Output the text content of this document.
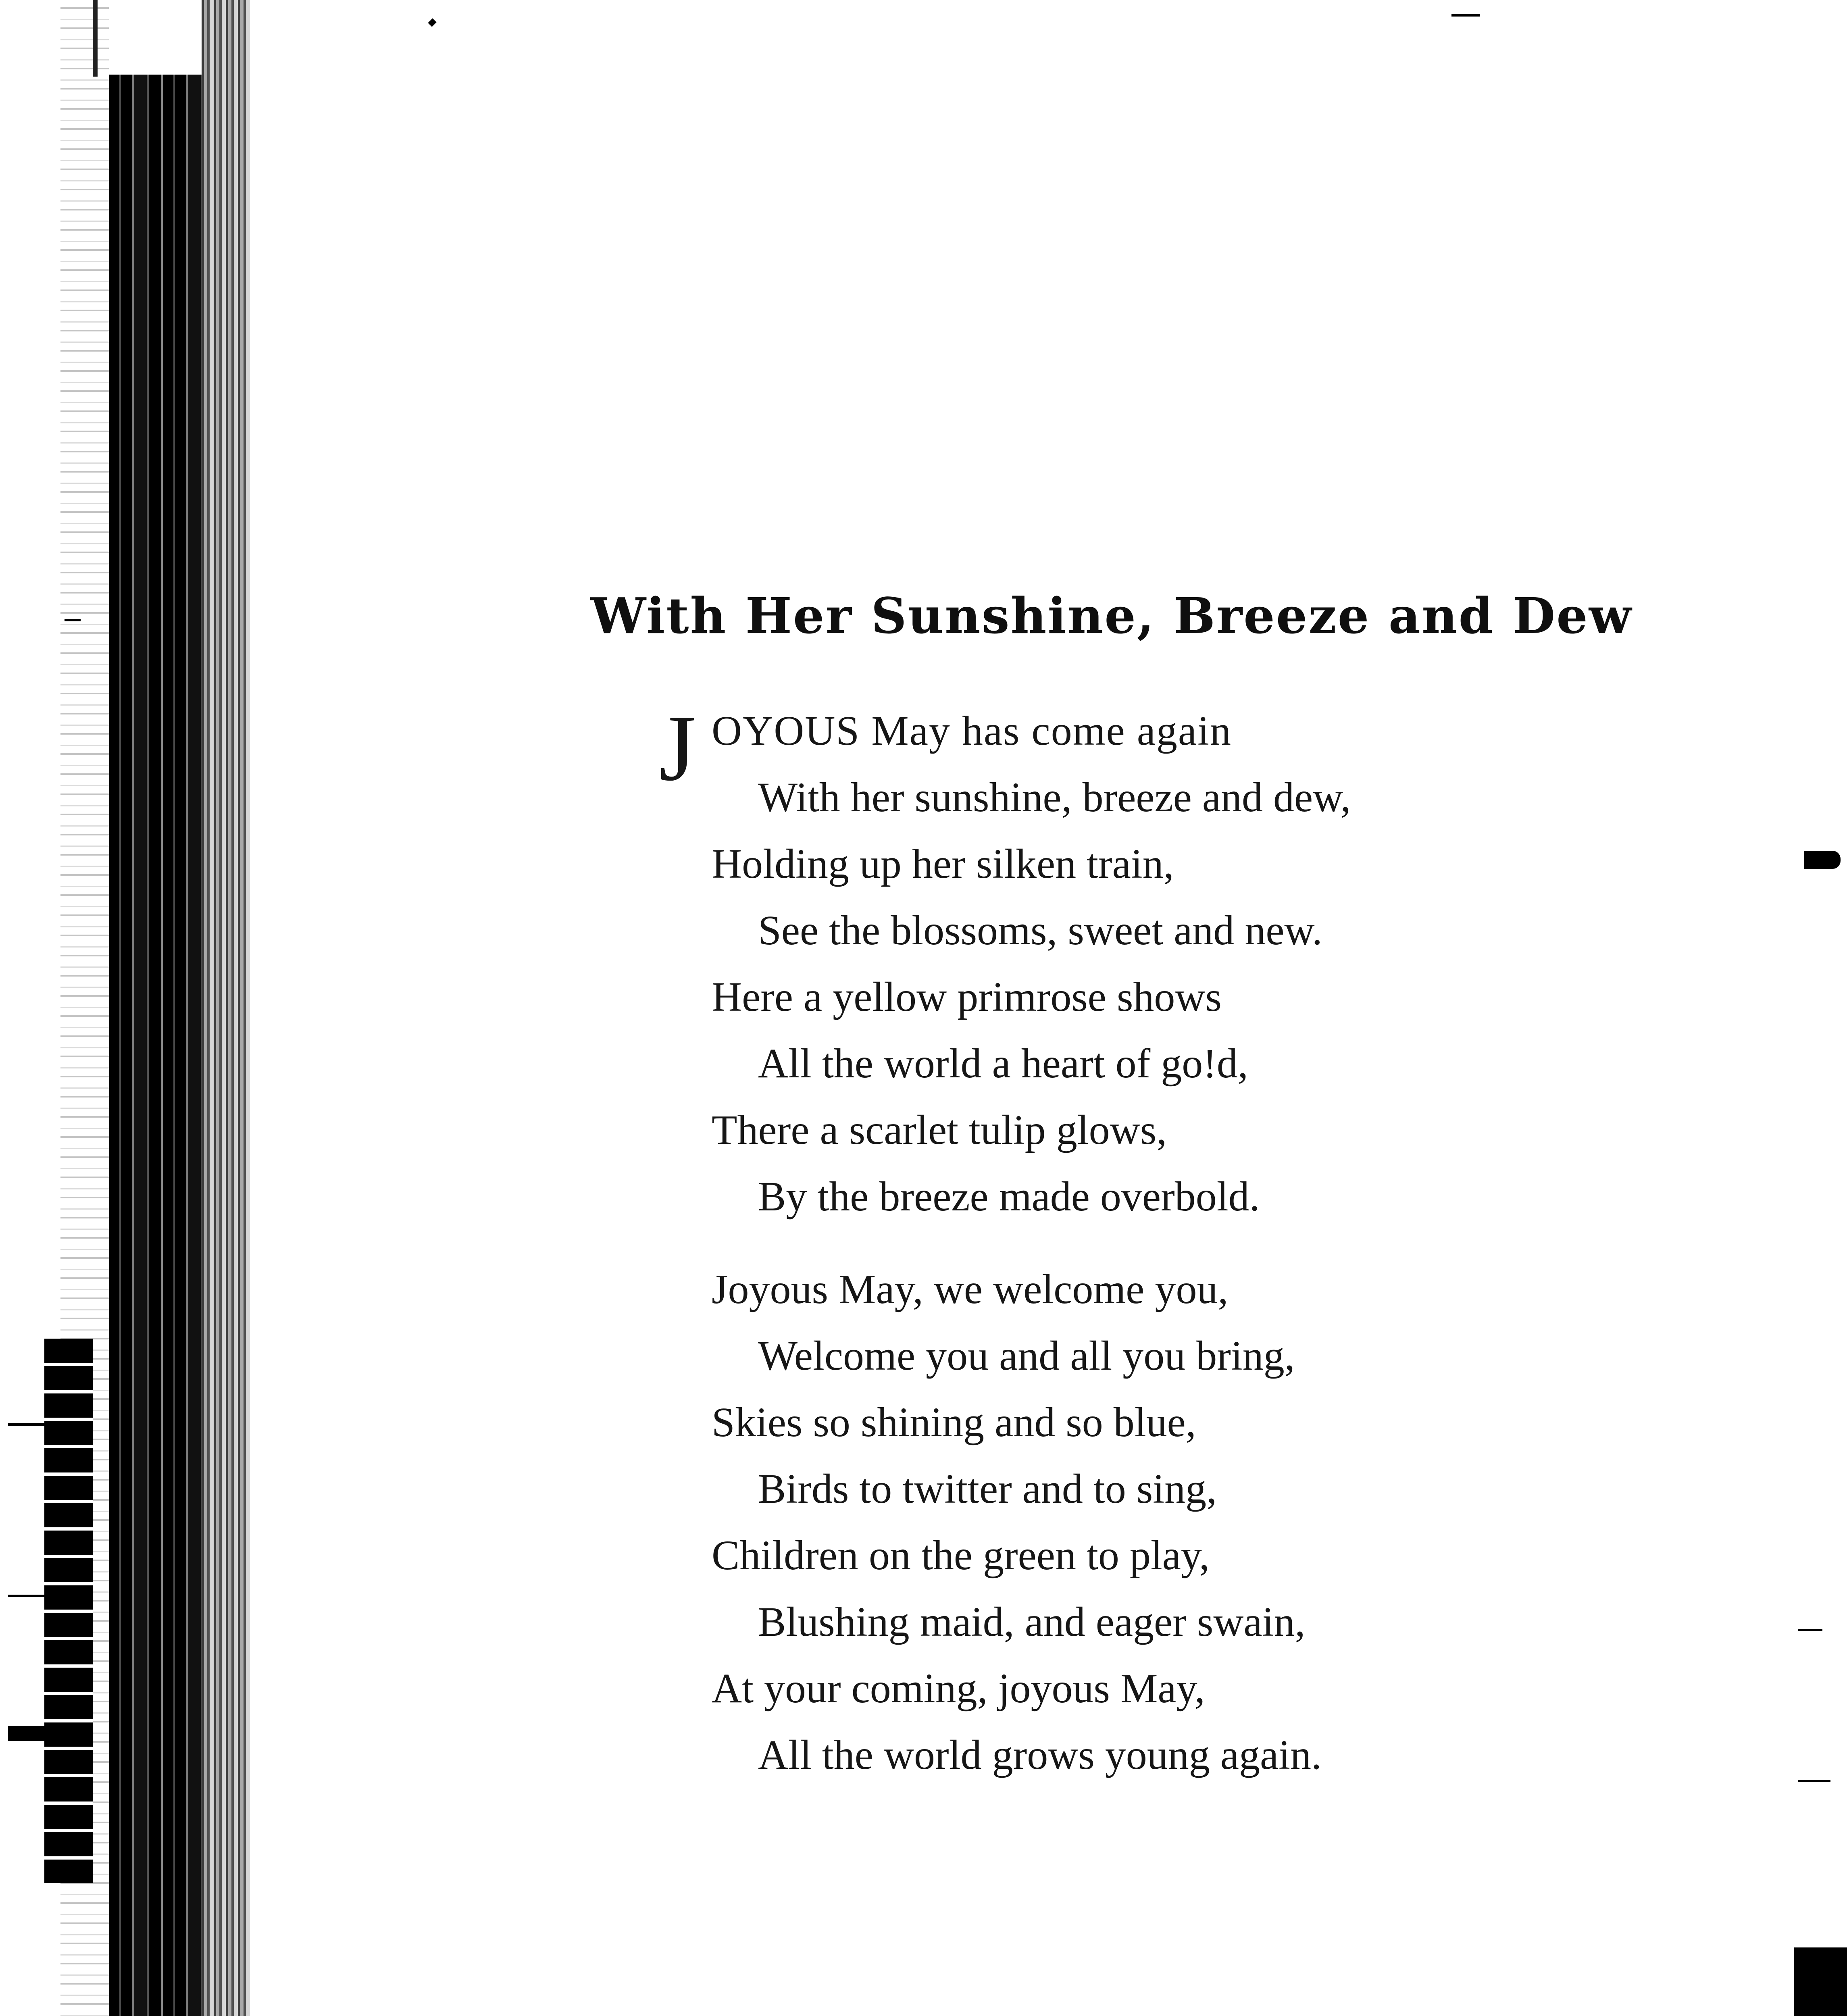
With Her Sunshine, Breeze and Dew
J OYOUS May has come again
With her sunshine, breeze and dew,
Holding up her silken train,
See the blossoms, sweet and new.
Here a yellow primrose shows
All the world a heart of go!d,
There a scarlet tulip glows,
By the breeze made overbold.
Joyous May, we welcome you,
Welcome you and all you bring,
Skies so shining and so blue,
Birds to twitter and to sing,
Children on the green to play,
Blushing maid, and eager swain,
At your coming, joyous May,
All the world grows young again.
